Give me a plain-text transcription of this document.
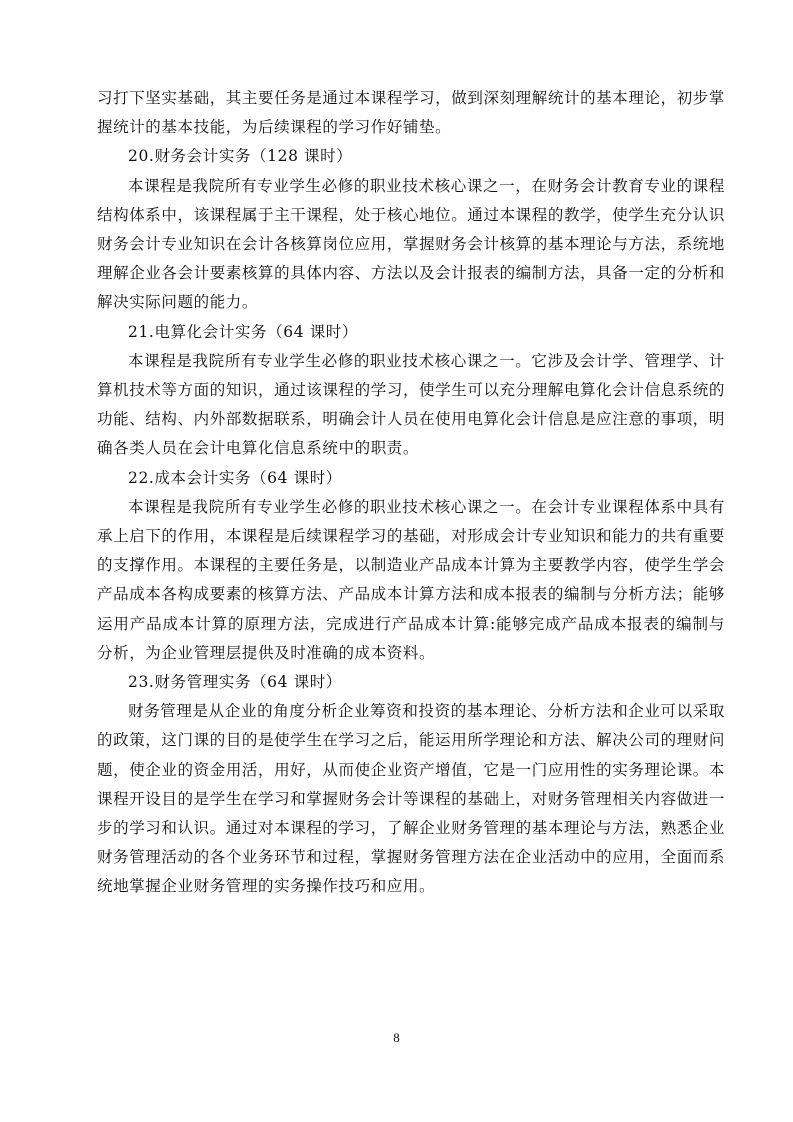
习打下坚实基础，其主要任务是通过本课程学习，做到深刻理解统计的基本理论，初步掌握统计的基本技能，为后续课程的学习作好铺垫。

20.财务会计实务（128 课时）

本课程是我院所有专业学生必修的职业技术核心课之一，在财务会计教育专业的课程结构体系中，该课程属于主干课程，处于核心地位。通过本课程的教学，使学生充分认识财务会计专业知识在会计各核算岗位应用，掌握财务会计核算的基本理论与方法，系统地理解企业各会计要素核算的具体内容、方法以及会计报表的编制方法，具备一定的分析和解决实际问题的能力。

21.电算化会计实务（64 课时）

本课程是我院所有专业学生必修的职业技术核心课之一。它涉及会计学、管理学、计算机技术等方面的知识，通过该课程的学习，使学生可以充分理解电算化会计信息系统的功能、结构、内外部数据联系，明确会计人员在使用电算化会计信息是应注意的事项，明确各类人员在会计电算化信息系统中的职责。

22.成本会计实务（64 课时）

本课程是我院所有专业学生必修的职业技术核心课之一。在会计专业课程体系中具有承上启下的作用，本课程是后续课程学习的基础，对形成会计专业知识和能力的共有重要的支撑作用。本课程的主要任务是，以制造业产品成本计算为主要教学内容，使学生学会产品成本各构成要素的核算方法、产品成本计算方法和成本报表的编制与分析方法；能够运用产品成本计算的原理方法，完成进行产品成本计算:能够完成产品成本报表的编制与分析，为企业管理层提供及时准确的成本资料。

23.财务管理实务（64 课时）

财务管理是从企业的角度分析企业筹资和投资的基本理论、分析方法和企业可以采取的政策，这门课的目的是使学生在学习之后，能运用所学理论和方法、解决公司的理财问题，使企业的资金用活，用好，从而使企业资产增值，它是一门应用性的实务理论课。本课程开设目的是学生在学习和掌握财务会计等课程的基础上，对财务管理相关内容做进一步的学习和认识。通过对本课程的学习，了解企业财务管理的基本理论与方法，熟悉企业财务管理活动的各个业务环节和过程，掌握财务管理方法在企业活动中的应用，全面而系统地掌握企业财务管理的实务操作技巧和应用。

8
